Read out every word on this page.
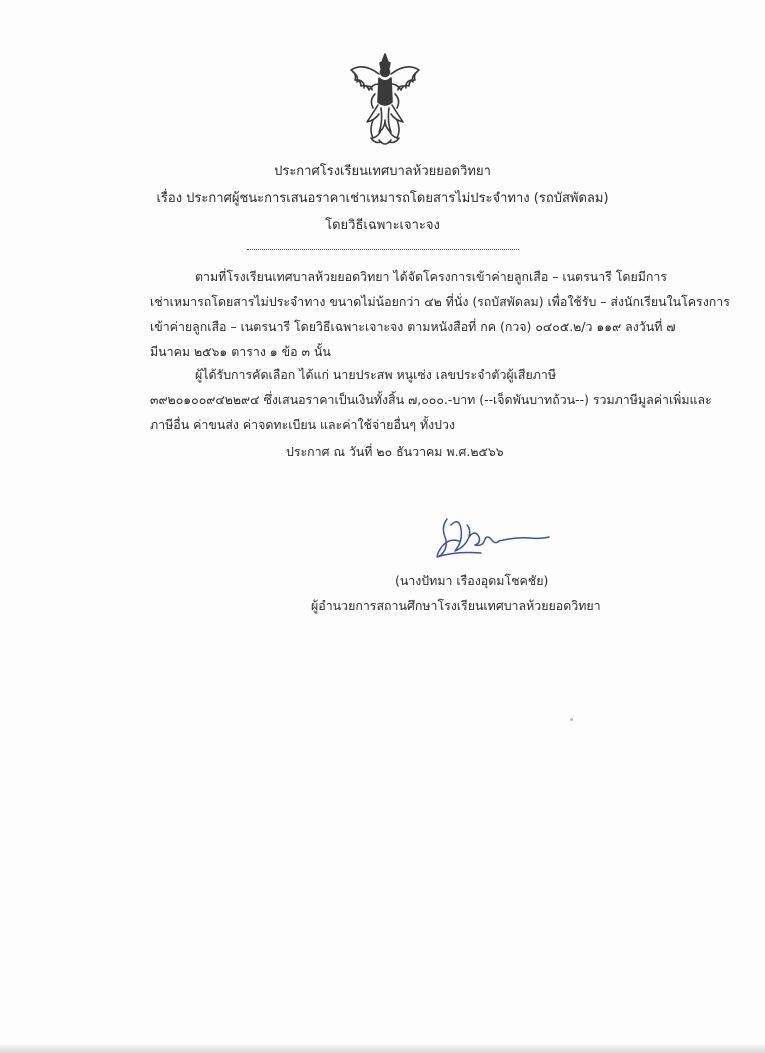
ประกาศโรงเรียนเทศบาลห้วยยอดวิทยา
เรื่อง ประกาศผู้ชนะการเสนอราคาเช่าเหมารถโดยสารไม่ประจำทาง (รถบัสพัดลม)
โดยวิธีเฉพาะเจาะจง
ตามที่โรงเรียนเทศบาลห้วยยอดวิทยา ได้จัดโครงการเข้าค่ายลูกเสือ – เนตรนารี โดยมีการ
เช่าเหมารถโดยสารไม่ประจำทาง ขนาดไม่น้อยกว่า ๔๒ ที่นั่ง (รถบัสพัดลม) เพื่อใช้รับ – ส่งนักเรียนในโครงการ
เข้าค่ายลูกเสือ – เนตรนารี โดยวิธีเฉพาะเจาะจง ตามหนังสือที่ กค (กวจ) ๐๔๐๕.๒/ว ๑๑๙ ลงวันที่ ๗
มีนาคม ๒๕๖๑ ตาราง ๑ ข้อ ๓ นั้น
ผู้ได้รับการคัดเลือก ได้แก่ นายประสพ หนูเซ่ง เลขประจำตัวผู้เสียภาษี
๓๙๒๐๑๐๐๙๔๒๒๙๔ ซึ่งเสนอราคาเป็นเงินทั้งสิ้น ๗,๐๐๐.-บาท (--เจ็ดพันบาทถ้วน--) รวมภาษีมูลค่าเพิ่มและ
ภาษีอื่น ค่าขนส่ง ค่าจดทะเบียน และค่าใช้จ่ายอื่นๆ ทั้งปวง
ประกาศ ณ วันที่ ๒๐ ธันวาคม พ.ศ.๒๕๖๖
(นางปัทมา เรืองอุดมโชคชัย)
ผู้อำนวยการสถานศึกษาโรงเรียนเทศบาลห้วยยอดวิทยา
